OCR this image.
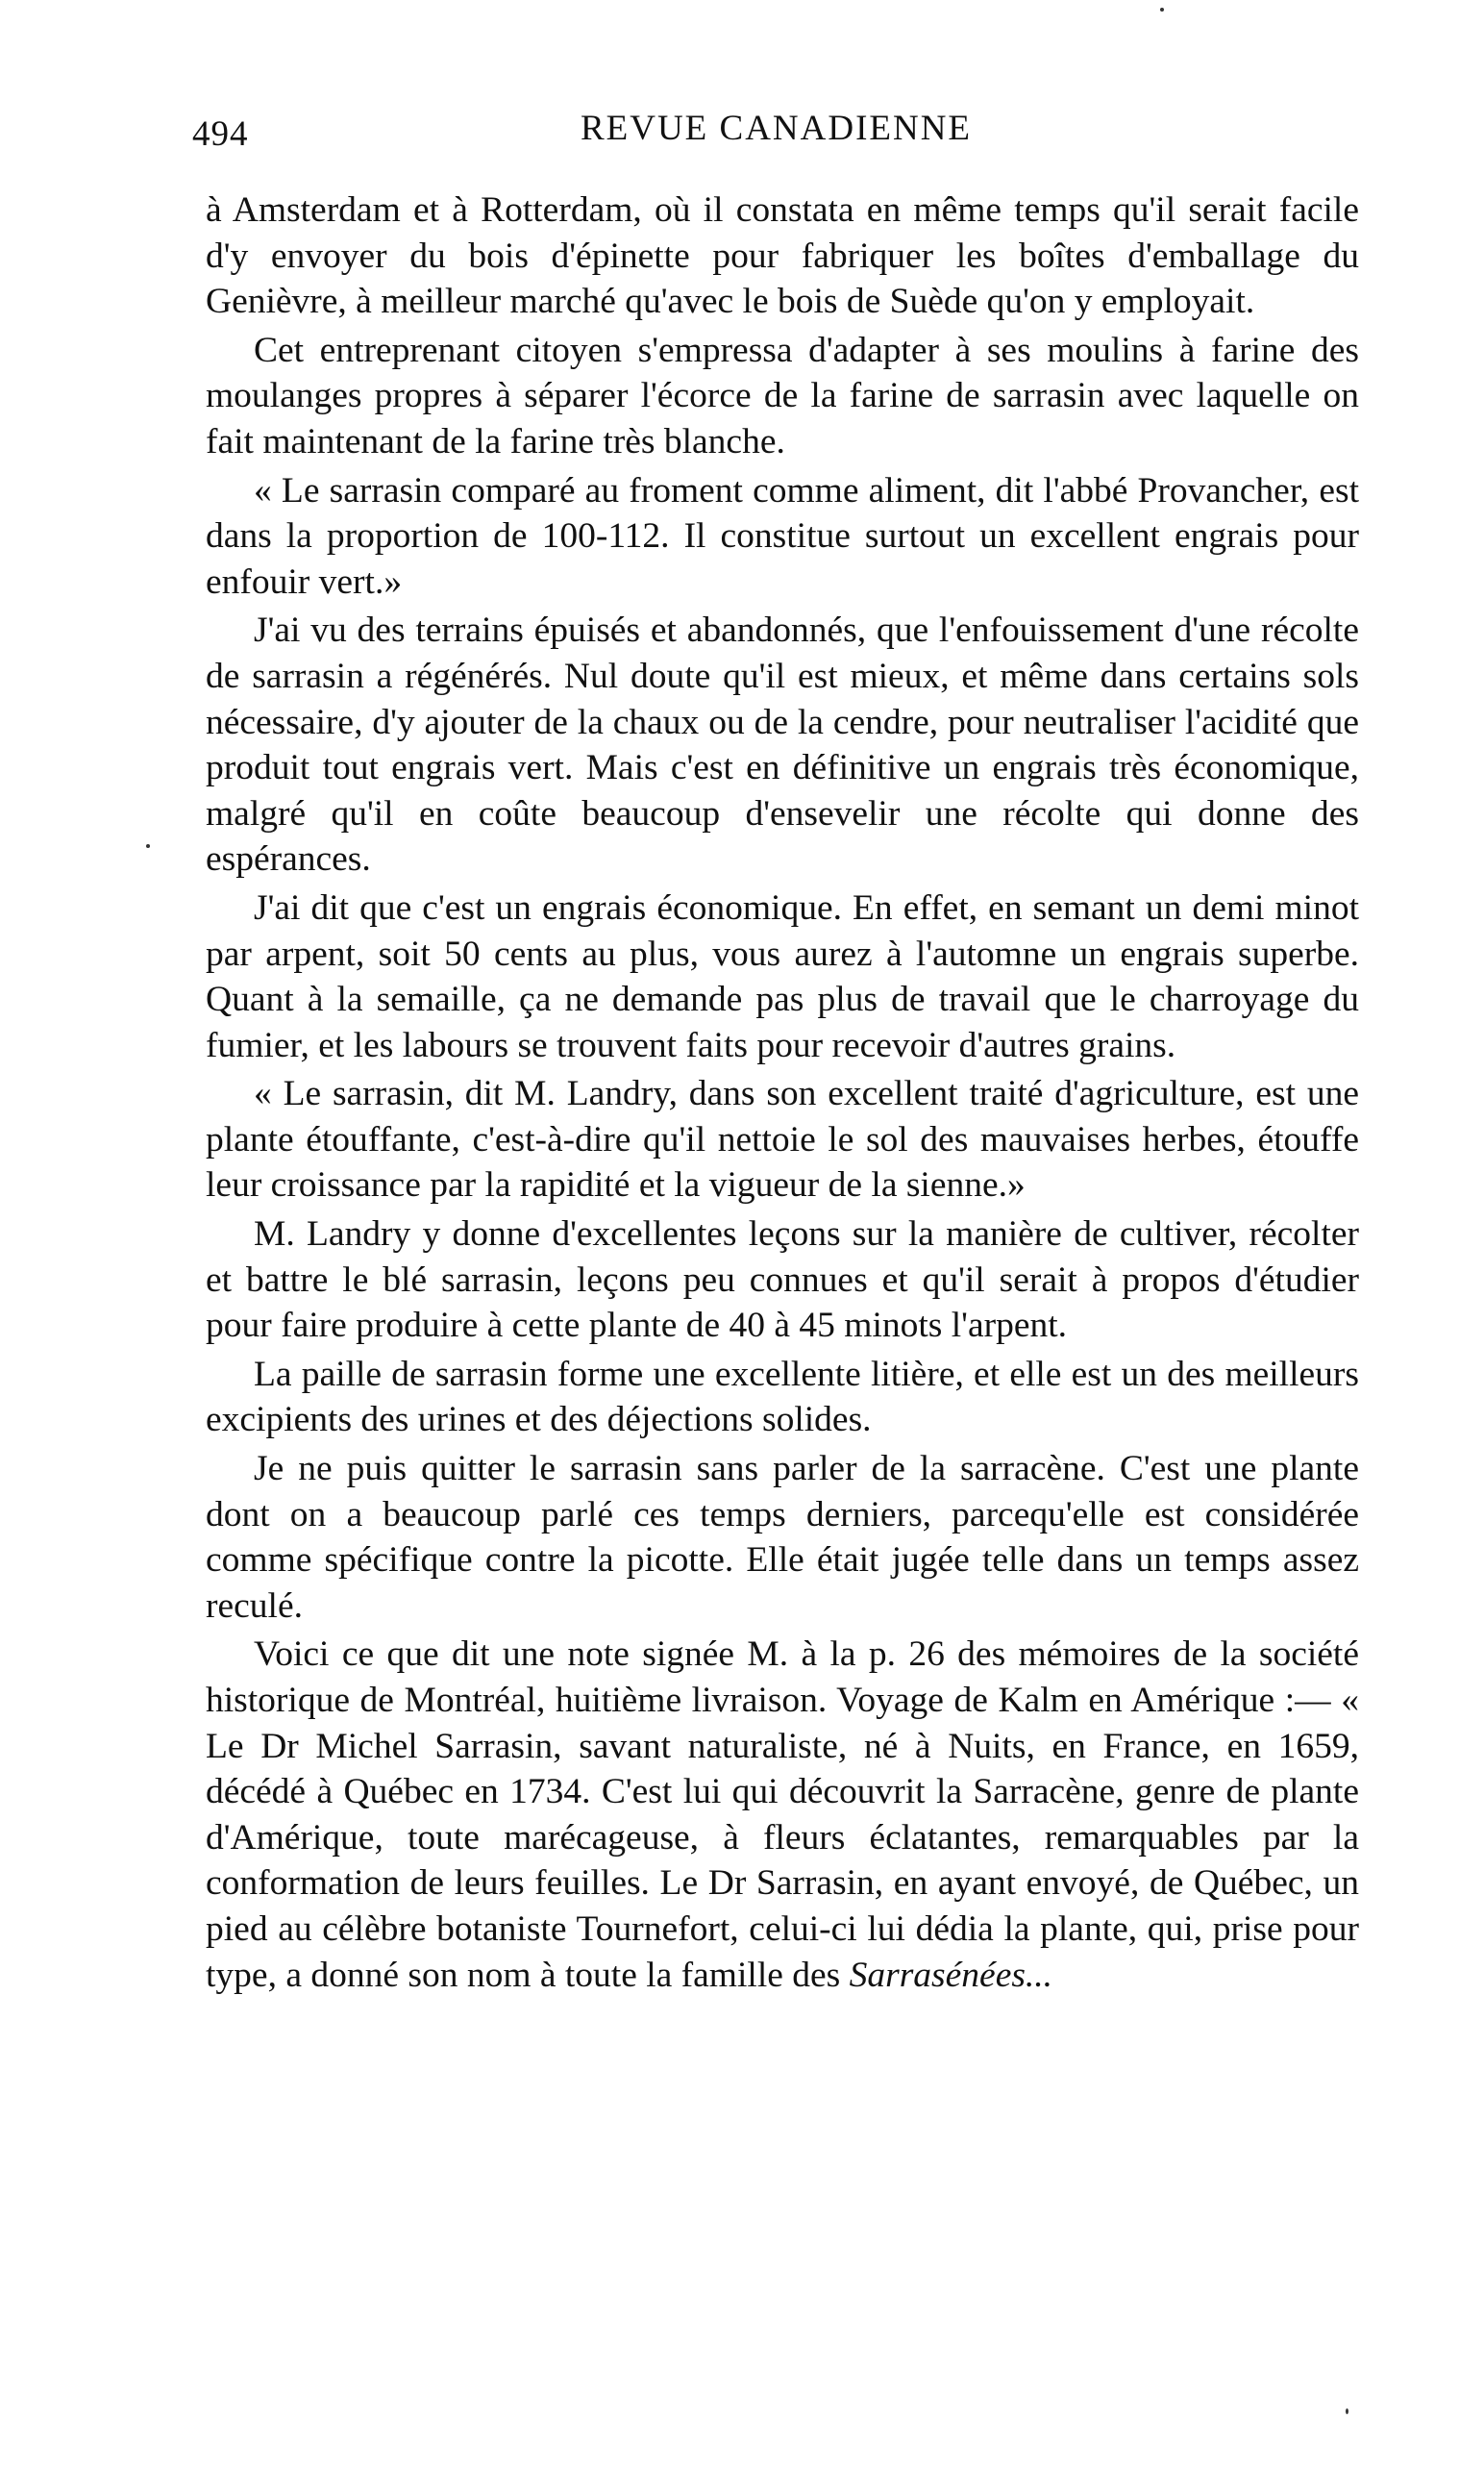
494	REVUE CANADIENNE

à Amsterdam et à Rotterdam, où il constata en même temps qu'il serait facile d'y envoyer du bois d'épinette pour fabriquer les boîtes d'emballage du Genièvre, à meilleur marché qu'avec le bois de Suède qu'on y employait.

Cet entreprenant citoyen s'empressa d'adapter à ses moulins à farine des moulanges propres à séparer l'écorce de la farine de sarrasin avec laquelle on fait maintenant de la farine très blanche.

« Le sarrasin comparé au froment comme aliment, dit l'abbé Provancher, est dans la proportion de 100-112. Il constitue surtout un excellent engrais pour enfouir vert.»

J'ai vu des terrains épuisés et abandonnés, que l'enfouissement d'une récolte de sarrasin a régénérés. Nul doute qu'il est mieux, et même dans certains sols nécessaire, d'y ajouter de la chaux ou de la cendre, pour neutraliser l'acidité que produit tout engrais vert. Mais c'est en définitive un engrais très économique, malgré qu'il en coûte beaucoup d'ensevelir une récolte qui donne des espérances.

J'ai dit que c'est un engrais économique. En effet, en semant un demi minot par arpent, soit 50 cents au plus, vous aurez à l'automne un engrais superbe. Quant à la semaille, ça ne demande pas plus de travail que le charroyage du fumier, et les labours se trouvent faits pour recevoir d'autres grains.

« Le sarrasin, dit M. Landry, dans son excellent traité d'agriculture, est une plante étouffante, c'est-à-dire qu'il nettoie le sol des mauvaises herbes, étouffe leur croissance par la rapidité et la vigueur de la sienne.»

M. Landry y donne d'excellentes leçons sur la manière de cultiver, récolter et battre le blé sarrasin, leçons peu connues et qu'il serait à propos d'étudier pour faire produire à cette plante de 40 à 45 minots l'arpent.

La paille de sarrasin forme une excellente litière, et elle est un des meilleurs excipients des urines et des déjections solides.

Je ne puis quitter le sarrasin sans parler de la sarracène. C'est une plante dont on a beaucoup parlé ces temps derniers, parcequ'elle est considérée comme spécifique contre la picotte. Elle était jugée telle dans un temps assez reculé.

Voici ce que dit une note signée M. à la p. 26 des mémoires de la société historique de Montréal, huitième livraison. Voyage de Kalm en Amérique :— « Le Dr Michel Sarrasin, savant naturaliste, né à Nuits, en France, en 1659, décédé à Québec en 1734. C'est lui qui découvrit la Sarracène, genre de plante d'Amérique, toute marécageuse, à fleurs éclatantes, remarquables par la conformation de leurs feuilles. Le Dr Sarrasin, en ayant envoyé, de Québec, un pied au célèbre botaniste Tournefort, celui-ci lui dédia la plante, qui, prise pour type, a donné son nom à toute la famille des Sarrasénées...
